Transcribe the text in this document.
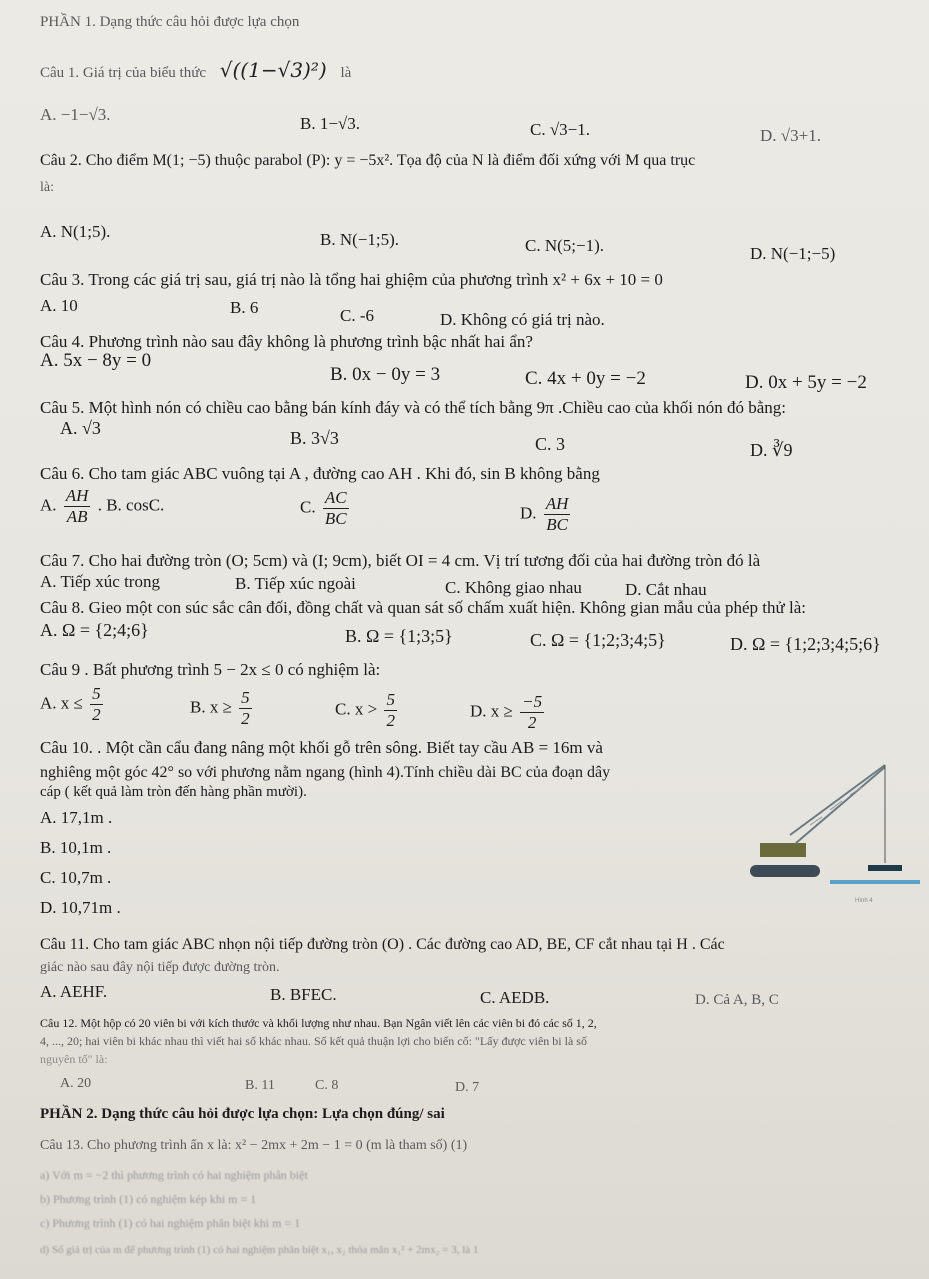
PHẦN 1. Dạng thức câu hỏi được lựa chọn
Câu 1. Giá trị của biểu thức √((1−√3)²) là
A. −1−√3.	B. 1−√3.	C. √3−1.	D. √3+1.
Câu 2. Cho điểm M(1; −5) thuộc parabol (P): y = −5x². Tọa độ của N là điểm đối xứng với M qua trục
là:
A. N(1;5).	B. N(−1;5).	C. N(5;−1).	D. N(−1;−5)
Câu 3. Trong các giá trị sau, giá trị nào là tổng hai ghiệm của phương trình x² + 6x + 10 = 0
A. 10	B. 6	C. -6	D. Không có giá trị nào.
Câu 4. Phương trình nào sau đây không là phương trình bậc nhất hai ẩn?
A. 5x − 8y = 0
B. 0x − 0y = 3	C. 4x + 0y = −2	D. 0x + 5y = −2
Câu 5. Một hình nón có chiều cao bằng bán kính đáy và có thể tích bằng 9π .Chiều cao của khối nón đó bằng:
A. √3	B. 3√3	C. 3	D. ∛9
Câu 6. Cho tam giác ABC vuông tại A , đường cao AH . Khi đó, sin B không bằng
A. $\frac{AH}{AB}$ . B. cosC.	C. $\frac{AC}{BC}$	D. $\frac{AH}{BC}$
Câu 7. Cho hai đường tròn (O; 5cm) và (I; 9cm), biết OI = 4 cm. Vị trí tương đối của hai đường tròn đó là
A. Tiếp xúc trong	B. Tiếp xúc ngoài	C. Không giao nhau	D. Cắt nhau
Câu 8. Gieo một con súc sắc cân đối, đồng chất và quan sát số chấm xuất hiện. Không gian mẫu của phép thử là:
A. Ω = {2;4;6}	B. Ω = {1;3;5}	C. Ω = {1;2;3;4;5}	D. Ω = {1;2;3;4;5;6}
Câu 9 . Bất phương trình 5 − 2x ≤ 0 có nghiệm là:
A. $x \le \frac{5}{2}$	B. $x \ge \frac{5}{2}$	C. $x > \frac{5}{2}$	D. $x \ge \frac{-5}{2}$
Câu 10. . Một cần cẩu đang nâng một khối gỗ trên sông. Biết tay cầu AB = 16m và
nghiêng một góc 42° so với phương nằm ngang (hình 4).Tính chiều dài BC của đoạn dây
cáp ( kết quả làm tròn đến hàng phần mười).
A. 17,1m .
B. 10,1m .
C. 10,7m .
D. 10,71m .	Hình 4
Câu 11. Cho tam giác ABC nhọn nội tiếp đường tròn (O) . Các đường cao AD, BE, CF cắt nhau tại H . Các
giác nào sau đây nội tiếp được đường tròn.
A. AEHF.	B. BFEC.	C. AEDB.	D. Cả A, B, C
Câu 12. Một hộp có 20 viên bi với kích thước và khối lượng như nhau. Bạn Ngân viết lên các viên bi đó các số 1, 2,
4, ..., 20; hai viên bi khác nhau thì viết hai số khác nhau. Số kết quả thuận lợi cho biến cố: "Lấy được viên bi là số
nguyên tố" là:
A. 20	B. 11	C. 8	D. 7
PHẦN 2. Dạng thức câu hỏi được lựa chọn: Lựa chọn đúng/ sai
Câu 13. Cho phương trình ẩn x là: x² − 2mx + 2m − 1 = 0 (m là tham số) (1)
a) Với m = −2 thì phương trình có hai nghiệm phân biệt
b) Phương trình (1) có nghiệm kép khi m = 1
c) Phương trình (1) có hai nghiệm phân biệt khi m = 1
d) Số giá trị của m để phương trình (1) có hai nghiệm phân biệt x₁, x₂ thỏa mãn x₁² + 2mx₂ = 3, là 1
